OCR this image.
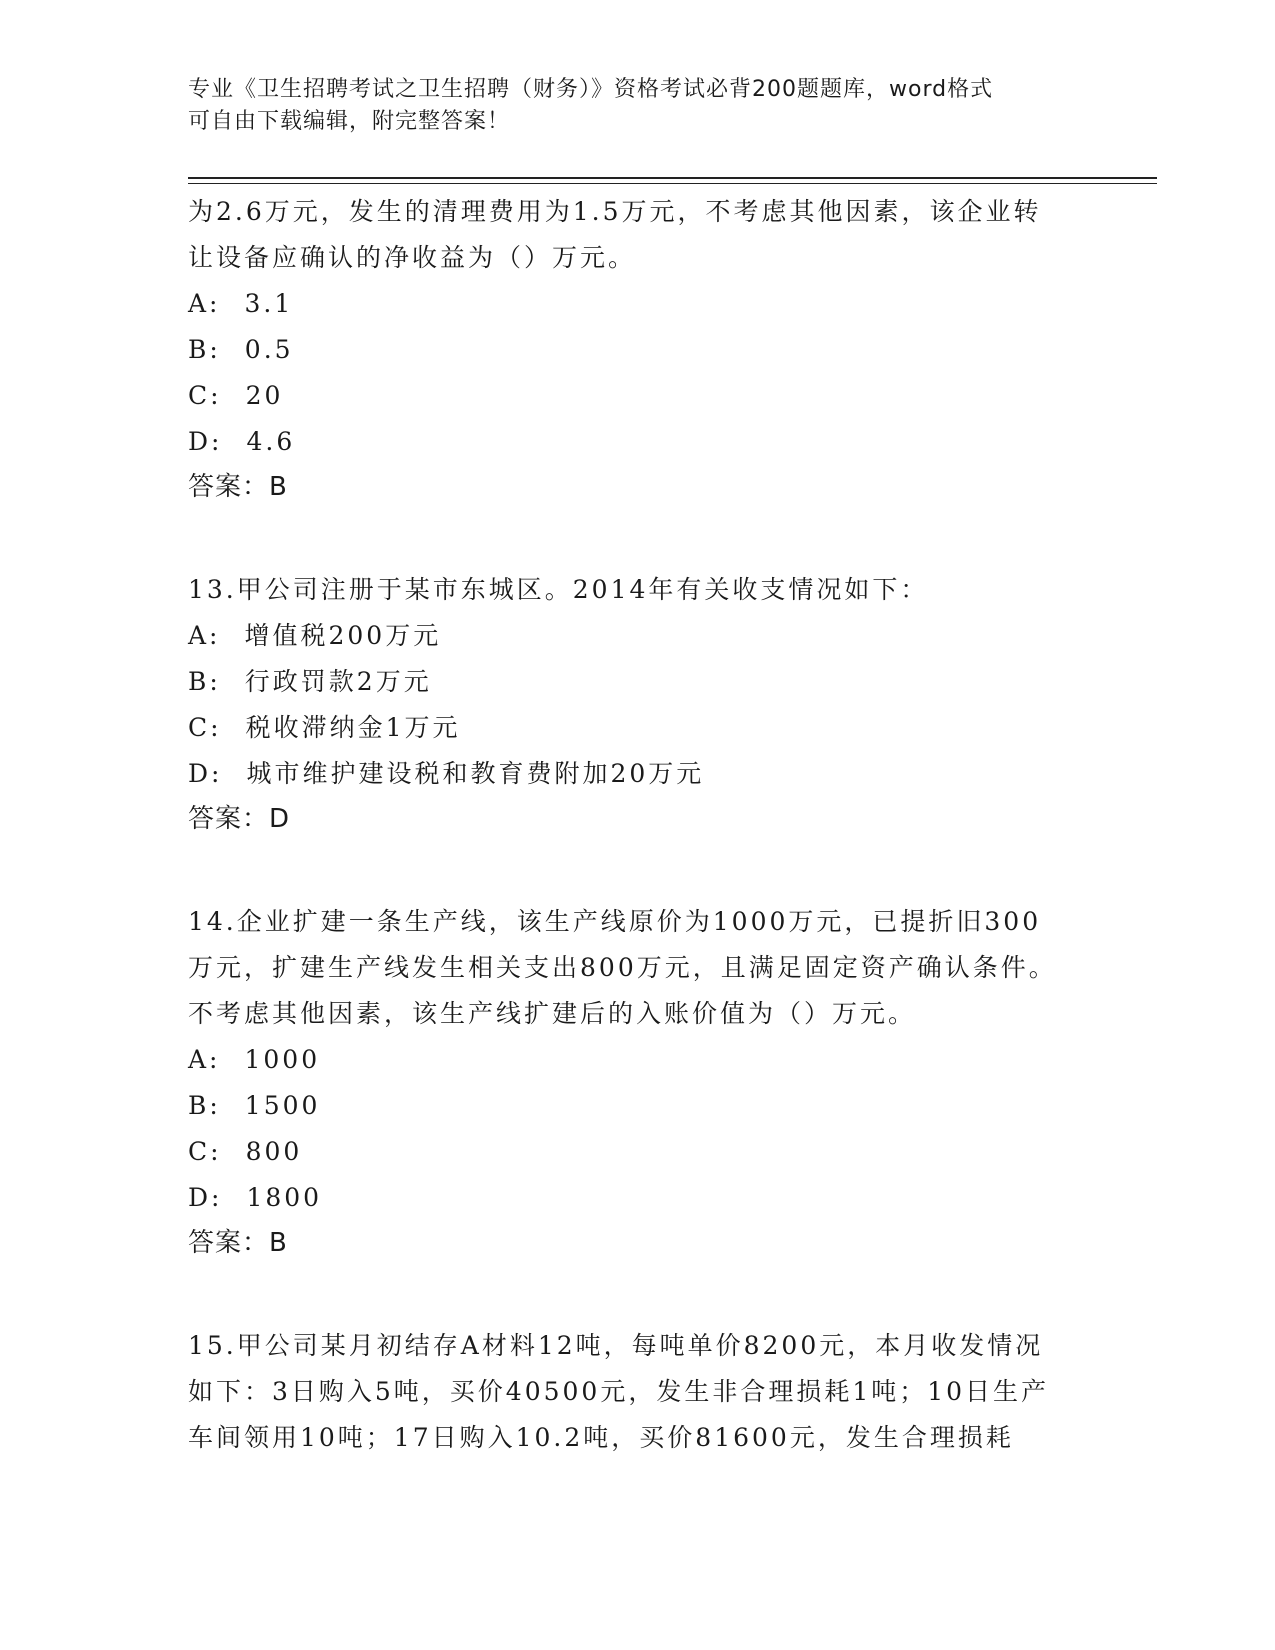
专业《卫生招聘考试之卫生招聘（财务）》资格考试必背200题题库，word格式
可自由下载编辑，附完整答案！
为2.6万元，发生的清理费用为1.5万元，不考虑其他因素，该企业转让设备应确认的净收益为（）万元。
A: 3.1
B: 0.5
C: 20
D: 4.6
答案：B
13.甲公司注册于某市东城区。2014年有关收支情况如下：
A: 增值税200万元
B: 行政罚款2万元
C: 税收滞纳金1万元
D: 城市维护建设税和教育费附加20万元
答案：D
14.企业扩建一条生产线，该生产线原价为1000万元，已提折旧300万元，扩建生产线发生相关支出800万元，且满足固定资产确认条件。不考虑其他因素，该生产线扩建后的入账价值为（）万元。
A: 1000
B: 1500
C: 800
D: 1800
答案：B
15.甲公司某月初结存A材料12吨，每吨单价8200元，本月收发情况如下：3日购入5吨，买价40500元，发生非合理损耗1吨；10日生产车间领用10吨；17日购入10.2吨，买价81600元，发生合理损耗
